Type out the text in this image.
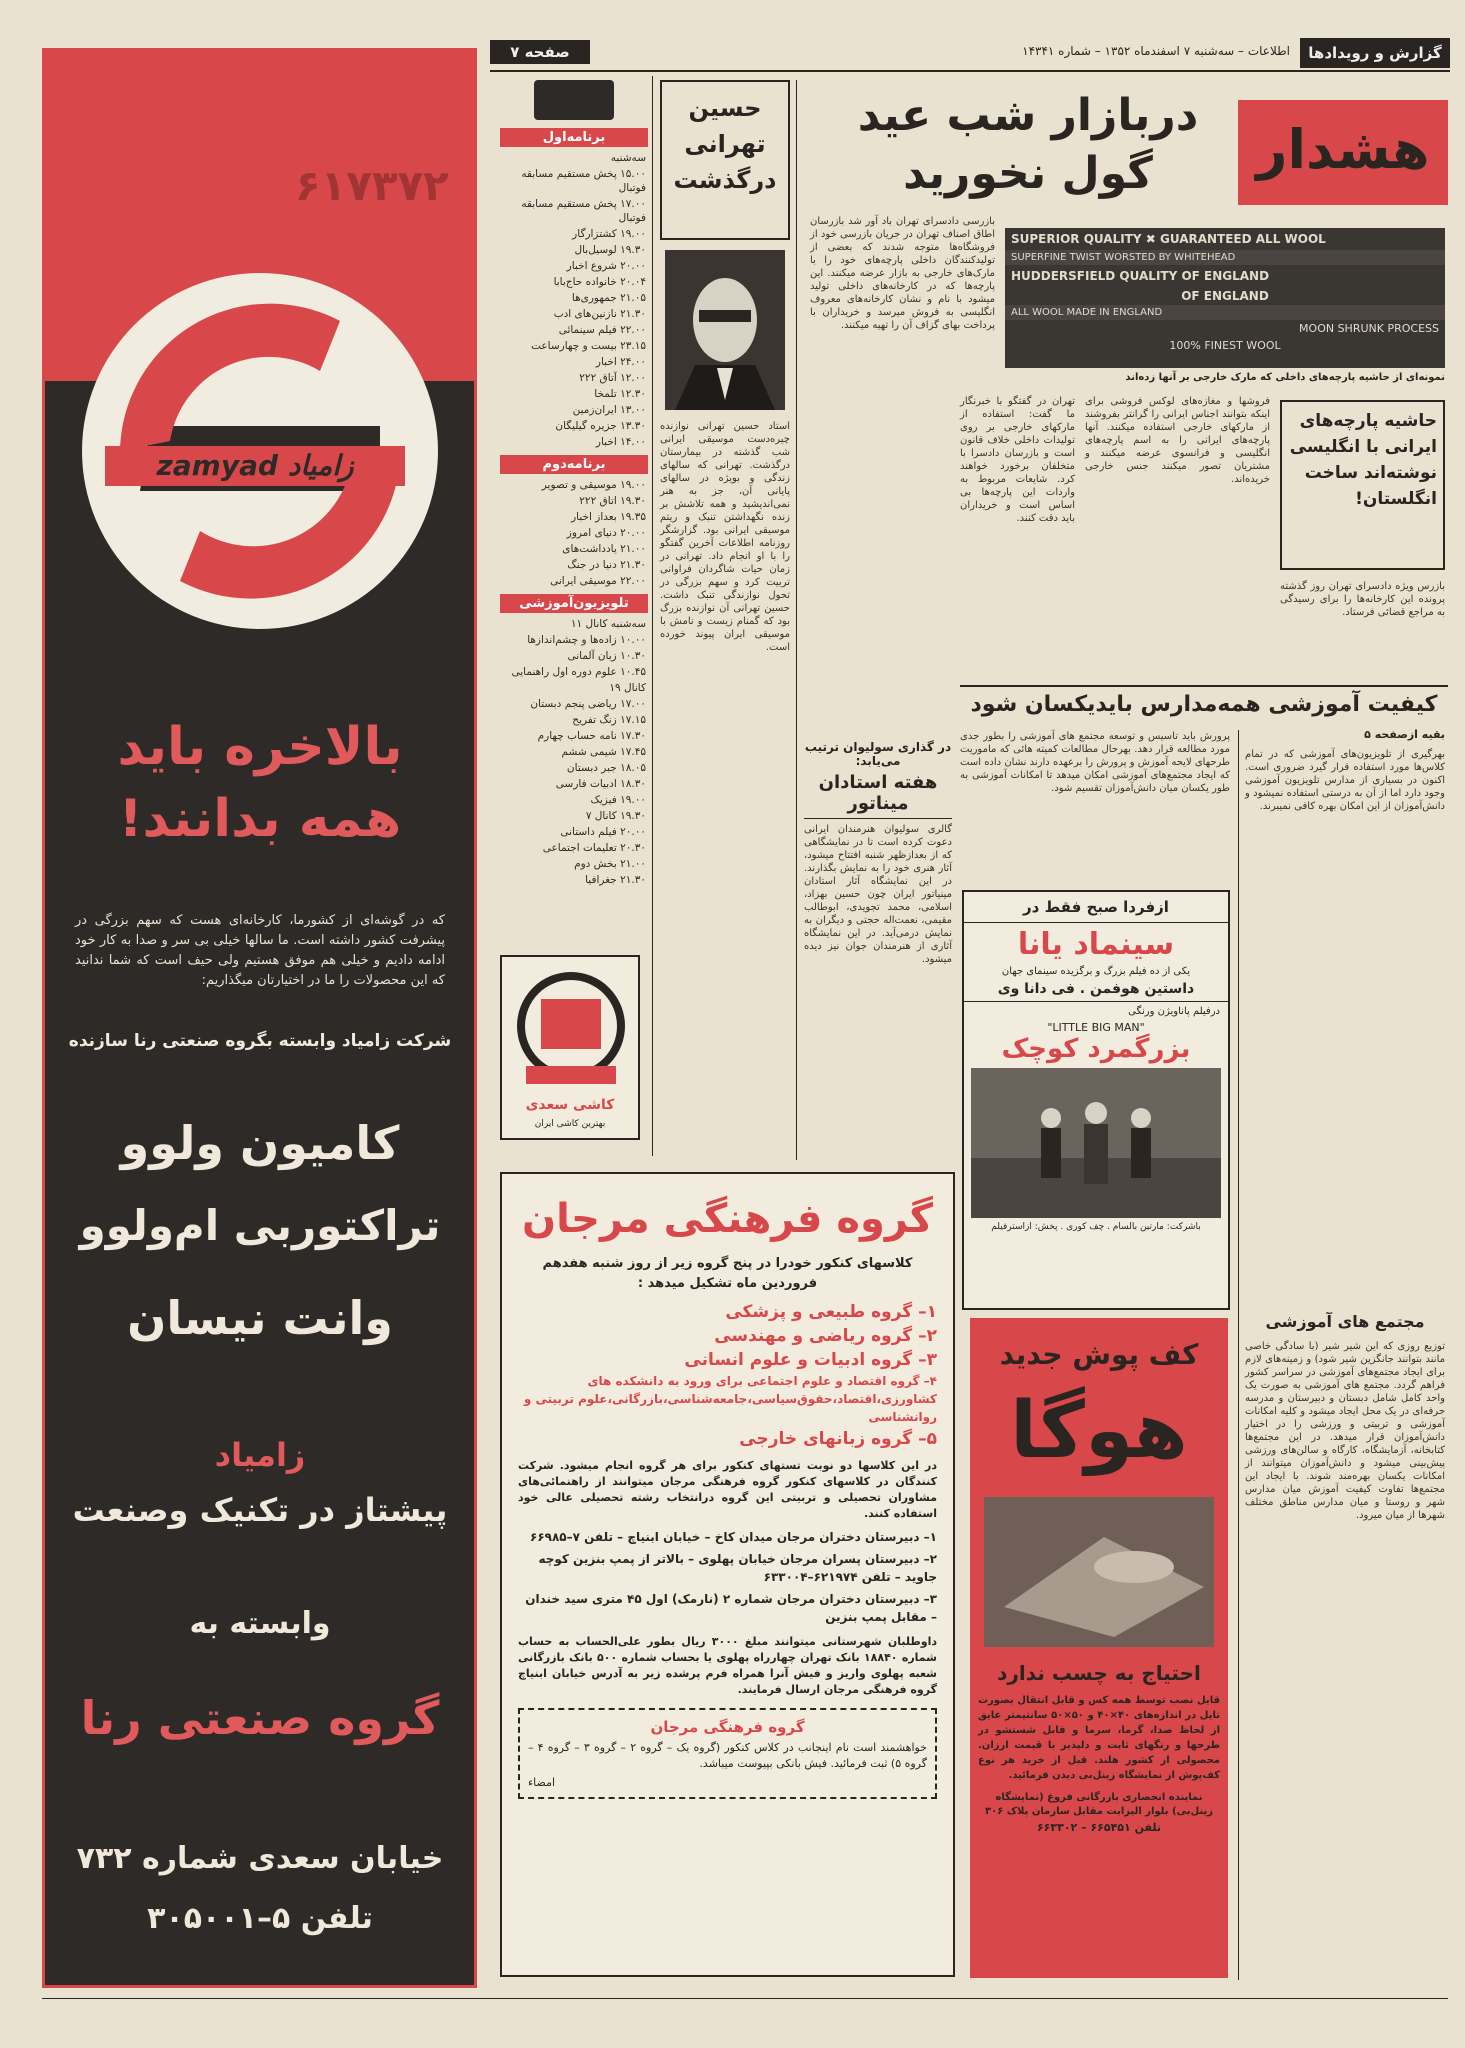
گزارش و رویدادها
اطلاعات – سه‌شنبه ۷ اسفندماه ۱۳۵۲ – شماره ۱۴۳۴۱
صفحه ۷
۶۱۷۳۷۲
zamyad زامیاد
بالاخره باید همه بدانند!
که در گوشه‌ای از کشورما، کارخانه‌ای هست که سهم بزرگی در پیشرفت کشور داشته است. ما سالها خیلی بی سر و صدا به کار خود ادامه دادیم و خیلی هم موفق هستیم ولی حیف است که شما ندانید که این محصولات را ما در اختیارتان میگذاریم:
شرکت زامیاد وابسته بگروه صنعتی رنا سازنده
کامیون ولوو
تراکتوربی ام‌ولوو
وانت نیسان
زامیاد
پیشتاز در تکنیک وصنعت
وابسته به
گروه صنعتی رنا
خیابان سعدی شماره ۷۳۲
تلفن ۵–۳۰۵۰۰۱
برنامه‌اول
سه‌شنبه
۱۵.۰۰ پخش مستقیم مسابقه فوتبال
۱۷.۰۰ پخش مستقیم مسابقه فوتبال
۱۹.۰۰ کشتزارگار
۱۹.۳۰ لوسیل‌بال
۲۰.۰۰ شروع اخبار
۲۰.۰۴ خانواده حاج‌بابا
۲۱.۰۵ جمهوری‌ها
۲۱.۳۰ نازنین‌های ادب
۲۲.۰۰ فیلم سینمائی
۲۳.۱۵ بیست و چهارساعت
۲۴.۰۰ اخبار
۱۲.۰۰ آتاق ۲۲۲
۱۲.۳۰ تلمخا
۱۳.۰۰ ایران‌زمین
۱۳.۳۰ جزیره گیلیگان
۱۴.۰۰ اخبار
برنامه‌دوم
۱۹.۰۰ موسیقی و تصویر
۱۹.۳۰ اتاق ۲۲۲
۱۹.۳۵ بعداز اخبار
۲۰.۰۰ دنیای امروز
۲۱.۰۰ یادداشت‌های
۲۱.۳۰ دنیا در جنگ
۲۲.۰۰ موسیقی ایرانی
تلویزیون‌آموزشی
سه‌شنبه کانال ۱۱
۱۰.۰۰ زاده‌ها و چشم‌اندازها
۱۰.۳۰ زبان آلمانی
۱۰.۴۵ علوم دوره اول راهنمایی
کانال ۱۹
۱۷.۰۰ ریاضی پنجم دبستان
۱۷.۱۵ زنگ تفریح
۱۷.۳۰ نامه حساب چهارم
۱۷.۴۵ شیمی ششم
۱۸.۰۵ جبر دبستان
۱۸.۳۰ ادبیات فارسی
۱۹.۰۰ فیزیک
۱۹.۳۰ کانال ۷
۲۰.۰۰ فیلم داستانی
۲۰.۳۰ تعلیمات اجتماعی
۲۱.۰۰ بخش دوم
۲۱.۳۰ جغرافیا
حسین تهرانی درگذشت
استاد حسین تهرانی نوازنده چیره‌دست موسیقی ایرانی شب گذشته در بیمارستان درگذشت. تهرانی که سالهای زندگی و بویژه در سالهای پایانی آن، جز به هنر نمی‌اندیشید و همه تلاشش بر زنده نگهداشتن تنبک و ریتم موسیقی ایرانی بود. گزارشگر روزنامه اطلاعات آخرین گفتگو را با او انجام داد. تهرانی در زمان حیات شاگردان فراوانی تربیت کرد و سهم بزرگی در تحول نوازندگی تنبک داشت. حسین تهرانی آن نوازنده بزرگ بود که گمنام زیست و نامش با موسیقی ایران پیوند خورده است.
در گذاری سولیوان ترتیب می‌یابد:
هفته استادان میناتور
گالری سولیوان هنرمندان ایرانی دعوت کرده است تا در نمایشگاهی که از بعدازظهر شنبه افتتاح میشود، آثار هنری خود را به نمایش بگذارند. در این نمایشگاه آثار استادان مینیاتور ایران چون حسین بهزاد، اسلامی، محمد تجویدی، ابوطالب مقیمی، نعمت‌اله حجتی و دیگران به نمایش درمی‌آید. در این نمایشگاه آثاری از هنرمندان جوان نیز دیده میشود.
کاشی سعدی
بهترین کاشی ایران
هشدار
دربازار شب عید
گول نخورید
SUPERIOR QUALITY ✖ GUARANTEED ALL WOOL
SUPERFINE TWIST WORSTED BY WHITEHEAD
HUDDERSFIELD QUALITY OF ENGLAND
OF ENGLAND
ALL WOOL MADE IN ENGLAND
MOON SHRUNK PROCESS
100% FINEST WOOL
نمونه‌ای از حاشیه پارچه‌های داخلی که مارک خارجی بر آنها زده‌اند
بازرسی دادسرای تهران باد آور شد بازرسان اطاق اصناف تهران در جریان بازرسی خود از فروشگاه‌ها متوجه شدند که بعضی از تولیدکنندگان داخلی پارچه‌های خود را با مارک‌های خارجی به بازار عرضه میکنند. این پارچه‌ها که در کارخانه‌های داخلی تولید میشود با نام و نشان کارخانه‌های معروف انگلیسی به فروش میرسد و خریداران با پرداخت بهای گزاف آن را تهیه میکنند.
تهران در گفتگو با خبرنگار ما گفت: استفاده از مارکهای خارجی بر روی تولیدات داخلی خلاف قانون است و بازرسان دادسرا با متخلفان برخورد خواهند کرد. شایعات مربوط به واردات این پارچه‌ها بی اساس است و خریداران باید دقت کنند.
فروشها و مغازه‌های لوکس فروشی برای اینکه بتوانند اجناس ایرانی را گرانتر بفروشند از مارکهای خارجی استفاده میکنند. آنها پارچه‌های ایرانی را به اسم پارچه‌های انگلیسی و فرانسوی عرضه میکنند و مشتریان تصور میکنند جنس خارجی خریده‌اند.
حاشیه پارچه‌های ایرانی با انگلیسی نوشته‌اند ساخت انگلستان!
بازرس ویژه دادسرای تهران روز گذشته پرونده این کارخانه‌ها را برای رسیدگی به مراجع قضائی فرستاد.
کیفیت آموزشی همه‌مدارس بایدیکسان شود
بقیه ازصفحه ۵
پرورش باید تاسیس و توسعه مجتمع های آموزشی را بطور جدی مورد مطالعه قرار دهد. بهرحال مطالعات کمیته هائی که ماموریت طرحهای لایحه آموزش و پرورش را برعهده دارند نشان داده است که ایجاد مجتمع‌های آموزشی امکان میدهد تا امکانات آموزشی به طور یکسان میان دانش‌آموزان تقسیم شود.
بهرگیری از تلویزیون‌های آموزشی که در تمام کلاس‌ها مورد استفاده قرار گیرد ضروری است. اکنون در بسیاری از مدارس تلویزیون آموزشی وجود دارد اما از آن به درستی استفاده نمیشود و دانش‌آموزان از این امکان بهره کافی نمیبرند.
مجتمع های آموزشی
توزیع روزی که این شیر شیر (با سادگی خاصی مانند بتوانند جانگزین شیر شود) و زمینه‌های لازم برای ایجاد مجتمع‌های آموزشی در سراسر کشور فراهم گردد. مجتمع های آموزشی به صورت یک واحد کامل شامل دبستان و دبیرستان و مدرسه حرفه‌ای در یک محل ایجاد میشود و کلیه امکانات آموزشی و تربیتی و ورزشی را در اختیار دانش‌آموزان قرار میدهد. در این مجتمع‌ها کتابخانه، آزمایشگاه، کارگاه و سالن‌های ورزشی پیش‌بینی میشود و دانش‌آموزان میتوانند از امکانات یکسان بهره‌مند شوند. با ایجاد این مجتمع‌ها تفاوت کیفیت آموزش میان مدارس شهر و روستا و میان مدارس مناطق مختلف شهرها از میان میرود.
ازفردا صبح فقط در
سینماد یانا
یکی از ده فیلم بزرگ و برگزیده سینمای جهان
داستین هوفمن . فی دانا وی
درفیلم پاناویژن ورنگی
"LITTLE BIG MAN"
بزرگمرد کوچک
باشرکت: مارتین بالسام . چف کوری . پخش: ازاسترفیلم
کف پوش جدید
هوگا
احتیاج به چسب ندارد
قابل نصب توسط همه کس و قابل انتقال بصورت تایل در اندازه‌های ۴۰×۴۰ و ۵۰×۵۰ سانتیمتر عایق از لحاظ صدا، گرما، سرما و قابل شستشو در طرحها و رنگهای ثابت و دلپذیر با قیمت ارزان. محصولی از کشور هلند. قبل از خرید هر نوع کف‌پوش از نمایشگاه زینل‌بی دیدن فرمائید.
نماینده انحصاری بازرگانی فروغ (نمایشگاه زینل‌بی) بلوار الیزابت مقابل سازمان پلاک ۳۰۶
تلفن ۶۶۵۴۵۱ – ۶۶۳۳۰۲
گروه فرهنگی مرجان
کلاسهای کنکور خودرا در پنج گروه زیر از روز شنبه هفدهم فروردین ماه تشکیل میدهد :
۱– گروه طبیعی و پزشکی
۲– گروه ریاضی و مهندسی
۳– گروه ادبیات و علوم انسانی
۴– گروه اقتصاد و علوم اجتماعی برای ورود به دانشکده های کشاورزی،اقتصاد،حقوق‌سیاسی،جامعه‌شناسی،بازرگانی،علوم تربیتی و روانشناسی
۵– گروه زبانهای خارجی
در این کلاسها دو نوبت تستهای کنکور برای هر گروه انجام میشود. شرکت کنندگان در کلاسهای کنکور گروه فرهنگی مرجان میتوانند از راهنمائی‌های مشاوران تحصیلی و تربیتی این گروه درانتخاب رشته تحصیلی عالی خود استفاده کنند.
۱– دبیرستان دختران مرجان میدان کاخ – خیابان ابنیاچ – تلفن ۷–۶۶۹۸۵
۲– دبیرستان پسران مرجان خیابان پهلوی – بالاتر از پمپ بنزین کوچه جاوید – تلفن ۶۲۱۹۷۴–۶۳۳۰۰۴
۳– دبیرستان دختران مرجان شماره ۲ (نارمک) اول ۴۵ متری سید خندان – مقابل پمپ بنزین
داوطلبان شهرستانی میتوانند مبلغ ۳۰۰۰ ریال بطور علی‌الحساب به حساب شماره ۱۸۸۴۰ بانک تهران چهارراه پهلوی یا بحساب شماره ۵۰۰ بانک بازرگانی شعبه پهلوی واریز و فیش آنرا همراه فرم پرشده زیر به آدرس خیابان ابنیاچ گروه فرهنگی مرجان ارسال فرمایند.
گروه فرهنگی مرجان
خواهشمند است نام اینجانب در کلاس کنکور (گروه یک – گروه ۲ – گروه ۳ – گروه ۴ – گروه ۵) ثبت فرمائید. فیش بانکی بپیوست میباشد.
امضاء
